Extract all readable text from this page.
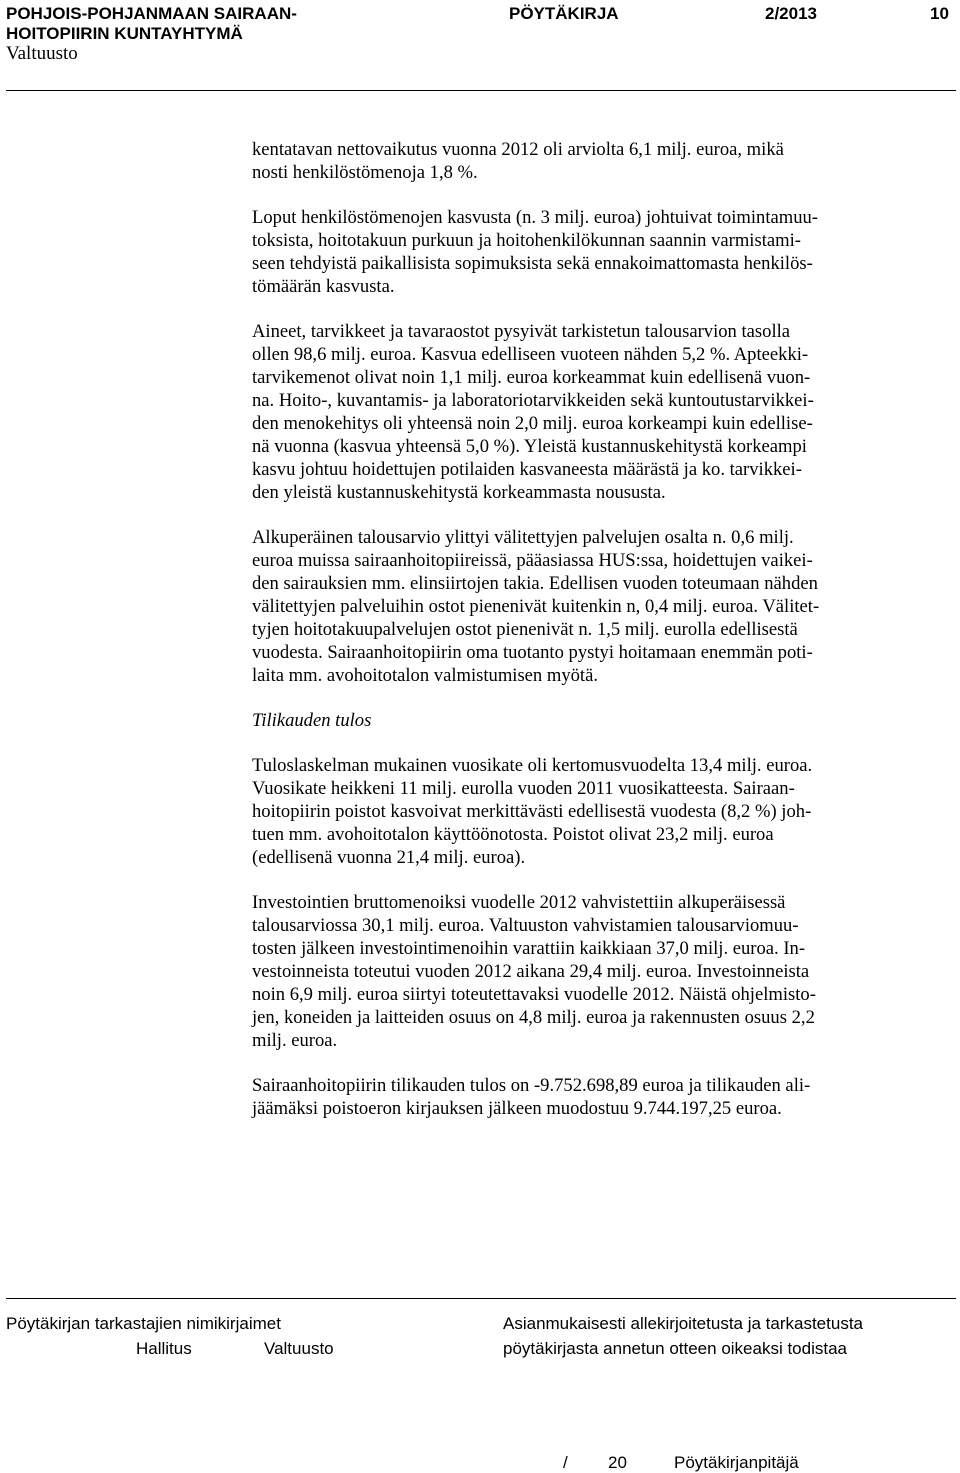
POHJOIS-POHJANMAAN SAIRAAN-
HOITOPIIRIN KUNTAYHTYMÄ
PÖYTÄKIRJA	2/2013	10
Valtuusto

kentatavan nettovaikutus vuonna 2012 oli arviolta 6,1 milj. euroa, mikä
nosti henkilöstömenoja 1,8 %.

Loput henkilöstömenojen kasvusta (n. 3 milj. euroa) johtuivat toimintamuu-
toksista, hoitotakuun purkuun ja hoitohenkilökunnan saannin varmistami-
seen tehdyistä paikallisista sopimuksista sekä ennakoimattomasta henkilös-
tömäärän kasvusta.

Aineet, tarvikkeet ja tavaraostot pysyivät tarkistetun talousarvion tasolla
ollen 98,6 milj. euroa. Kasvua edelliseen vuoteen nähden 5,2 %. Apteekki-
tarvikemenot olivat noin 1,1 milj. euroa korkeammat kuin edellisenä vuon-
na. Hoito-, kuvantamis- ja laboratoriotarvikkeiden sekä kuntoutustarvikkei-
den menokehitys oli yhteensä noin 2,0 milj. euroa korkeampi kuin edellise-
nä vuonna (kasvua yhteensä 5,0 %). Yleistä kustannuskehitystä korkeampi
kasvu johtuu hoidettujen potilaiden kasvaneesta määrästä ja ko. tarvikkei-
den yleistä kustannuskehitystä korkeammasta noususta.

Alkuperäinen talousarvio ylittyi välitettyjen palvelujen osalta n. 0,6 milj.
euroa muissa sairaanhoitopiireissä, pääasiassa HUS:ssa, hoidettujen vaikei-
den sairauksien mm. elinsiirtojen takia. Edellisen vuoden toteumaan nähden
välitettyjen palveluihin ostot pienenivät kuitenkin n, 0,4 milj. euroa. Välitet-
tyjen hoitotakuupalvelujen ostot pienenivät n. 1,5 milj. eurolla edellisestä
vuodesta. Sairaanhoitopiirin oma tuotanto pystyi hoitamaan enemmän poti-
laita mm. avohoitotalon valmistumisen myötä.

Tilikauden tulos

Tuloslaskelman mukainen vuosikate oli kertomusvuodelta 13,4 milj. euroa.
Vuosikate heikkeni 11 milj. eurolla vuoden 2011 vuosikatteesta. Sairaan-
hoitopiirin poistot kasvoivat merkittävästi edellisestä vuodesta (8,2 %) joh-
tuen mm. avohoitotalon käyttöönotosta. Poistot olivat 23,2 milj. euroa
(edellisenä vuonna 21,4 milj. euroa).

Investointien bruttomenoiksi vuodelle 2012 vahvistettiin alkuperäisessä
talousarviossa 30,1 milj. euroa. Valtuuston vahvistamien talousarviomuu-
tosten jälkeen investointimenoihin varattiin kaikkiaan 37,0 milj. euroa. In-
vestoinneista toteutui vuoden 2012 aikana 29,4 milj. euroa. Investoinneista
noin 6,9 milj. euroa siirtyi toteutettavaksi vuodelle 2012. Näistä ohjelmisto-
jen, koneiden ja laitteiden osuus on 4,8 milj. euroa ja rakennusten osuus 2,2
milj. euroa.

Sairaanhoitopiirin tilikauden tulos on -9.752.698,89 euroa ja tilikauden ali-
jäämäksi poistoeron kirjauksen jälkeen muodostuu 9.744.197,25 euroa.

Pöytäkirjan tarkastajien nimikirjaimet
Hallitus	Valtuusto
Asianmukaisesti allekirjoitetusta ja tarkastetusta
pöytäkirjasta annetun otteen oikeaksi todistaa
/ 20	Pöytäkirjanpitäjä
